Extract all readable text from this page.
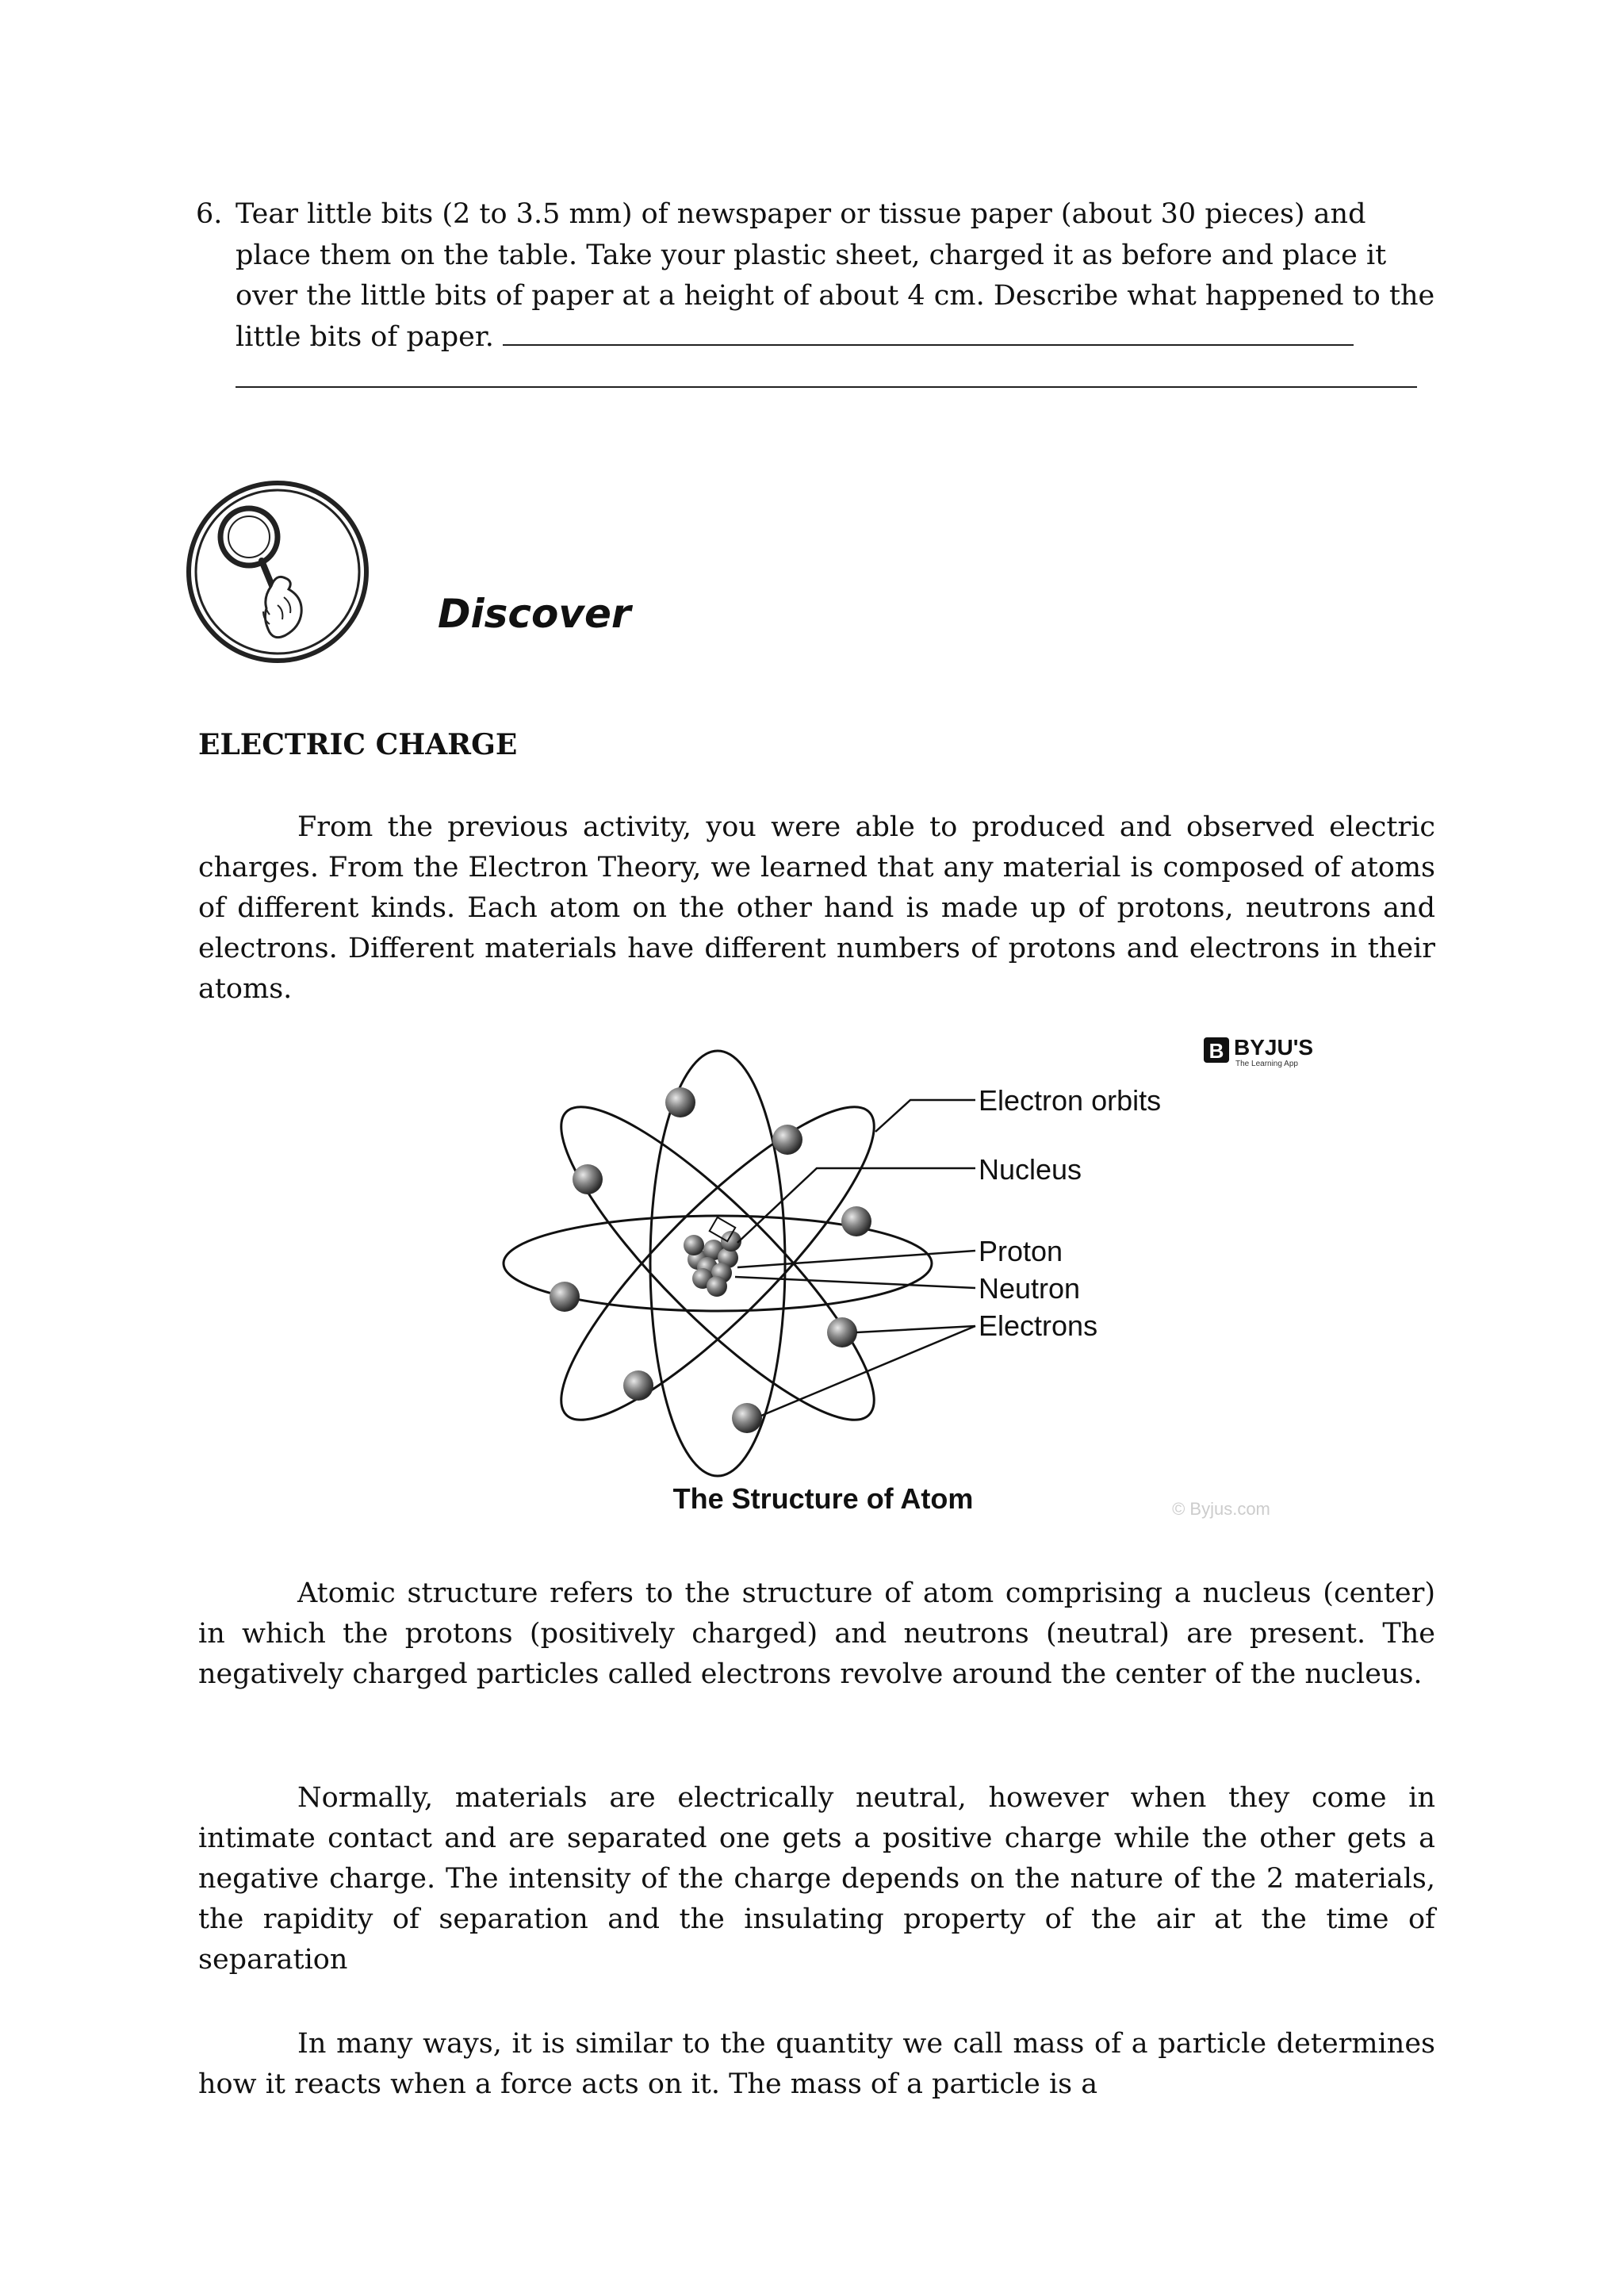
6. Tear little bits (2 to 3.5 mm) of newspaper or tissue paper (about 30 pieces) and place them on the table. Take your plastic sheet, charged it as before and place it over the little bits of paper at a height of about 4 cm. Describe what happened to the little bits of paper.
Discover
ELECTRIC CHARGE

From the previous activity, you were able to produced and observed electric charges. From the Electron Theory, we learned that any material is composed of atoms of different kinds. Each atom on the other hand is made up of protons, neutrons and electrons. Different materials have different numbers of protons and electrons in their atoms.

Electron orbits
Nucleus
Proton
Neutron
Electrons
The Structure of Atom	© Byjus.com
B BYJU'S
The Learning App

Atomic structure refers to the structure of atom comprising a nucleus (center) in which the protons (positively charged) and neutrons (neutral) are present. The negatively charged particles called electrons revolve around the center of the nucleus.

Normally, materials are electrically neutral, however when they come in intimate contact and are separated one gets a positive charge while the other gets a negative charge. The intensity of the charge depends on the nature of the 2 materials, the rapidity of separation and the insulating property of the air at the time of separation

In many ways, it is similar to the quantity we call mass of a particle determines how it reacts when a force acts on it. The mass of a particle is a
